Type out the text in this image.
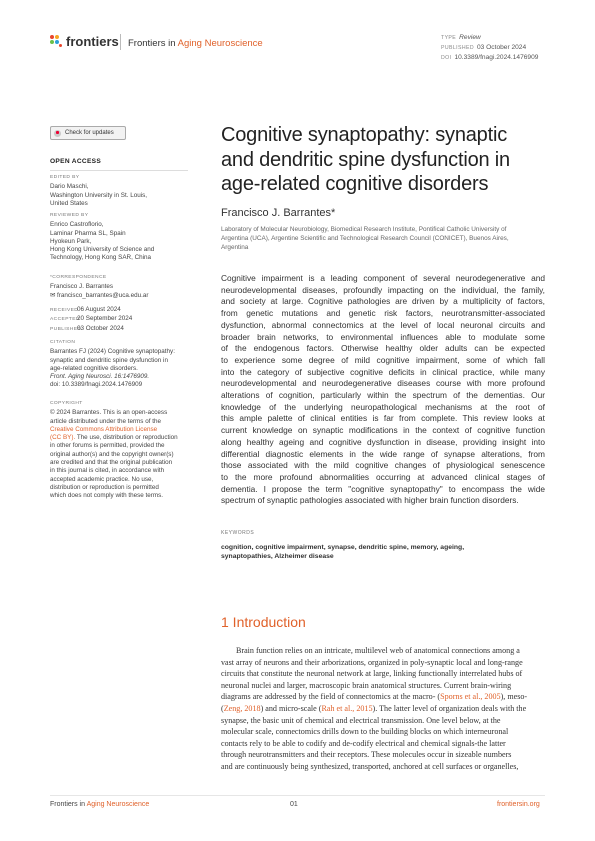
frontiers Frontiers in Aging Neuroscience	TYPE Review
PUBLISHED 03 October 2024
DOI 10.3389/fnagi.2024.1476909
Check for updates
OPEN ACCESS
EDITED BY
Dario Maschi,
Washington University in St. Louis,
United States
REVIEWED BY
Enrico Castroflorio,
Laminar Pharma SL, Spain
Hyokeun Park,
Hong Kong University of Science and
Technology, Hong Kong SAR, China
*CORRESPONDENCE
Francisco J. Barrantes
✉ francisco_barrantes@uca.edu.ar
RECEIVED06 August 2024
ACCEPTED20 September 2024
PUBLISHED03 October 2024
CITATION
Barrantes FJ (2024) Cognitive synaptopathy:
synaptic and dendritic spine dysfunction in
age-related cognitive disorders.
Front. Aging Neurosci. 16:1476909.
doi: 10.3389/fnagi.2024.1476909
COPYRIGHT
© 2024 Barrantes. This is an open-access
article distributed under the terms of the
Creative Commons Attribution License
(CC BY). The use, distribution or reproduction
in other forums is permitted, provided the
original author(s) and the copyright owner(s)
are credited and that the original publication
in this journal is cited, in accordance with
accepted academic practice. No use,
distribution or reproduction is permitted
which does not comply with these terms.
Cognitive synaptopathy: synaptic
and dendritic spine dysfunction in
age-related cognitive disorders
Francisco J. Barrantes*
Laboratory of Molecular Neurobiology, Biomedical Research Institute, Pontifical Catholic University of
Argentina (UCA), Argentine Scientific and Technological Research Council (CONICET), Buenos Aires,
Argentina
Cognitive impairment is a leading component of several neurodegenerative and
neurodevelopmental diseases, profoundly impacting on the individual, the family,
and society at large. Cognitive pathologies are driven by a multiplicity of factors,
from genetic mutations and genetic risk factors, neurotransmitter-associated
dysfunction, abnormal connectomics at the level of local neuronal circuits and
broader brain networks, to environmental influences able to modulate some
of the endogenous factors. Otherwise healthy older adults can be expected
to experience some degree of mild cognitive impairment, some of which fall
into the category of subjective cognitive deficits in clinical practice, while many
neurodevelopmental and neurodegenerative diseases course with more profound
alterations of cognition, particularly within the spectrum of the dementias. Our
knowledge of the underlying neuropathological mechanisms at the root of
this ample palette of clinical entities is far from complete. This review looks at
current knowledge on synaptic modifications in the context of cognitive function
along healthy ageing and cognitive dysfunction in disease, providing insight into
differential diagnostic elements in the wide range of synapse alterations, from
those associated with the mild cognitive changes of physiological senescence
to the more profound abnormalities occurring at advanced clinical stages of
dementia. I propose the term "cognitive synaptopathy" to encompass the wide
spectrum of synaptic pathologies associated with higher brain function disorders.
KEYWORDS
cognition, cognitive impairment, synapse, dendritic spine, memory, ageing,
synaptopathies, Alzheimer disease
1 Introduction

Brain function relies on an intricate, multilevel web of anatomical connections among a

vast array of neurons and their arborizations, organized in poly-synaptic local and long-range
circuits that constitute the neuronal network at large, linking functionally interrelated hubs of
neuronal nuclei and larger, macroscopic brain anatomical structures. Current brain-wiring
diagrams are addressed by the field of connectomics at the macro- (Sporns et al., 2005), meso-
(Zeng, 2018) and micro-scale (Rah et al., 2015). The latter level of organization deals with the
synapse, the basic unit of chemical and electrical transmission. One level below, at the
molecular scale, connectomics drills down to the building blocks on which interneuronal
contacts rely to be able to codify and de-codify electrical and chemical signals-the latter
through neurotransmitters and their receptors. These molecules occur in sizeable numbers
and are continuously being synthesized, transported, anchored at cell surfaces or organelles,
Frontiers in Aging Neuroscience	01	frontiersin.org
